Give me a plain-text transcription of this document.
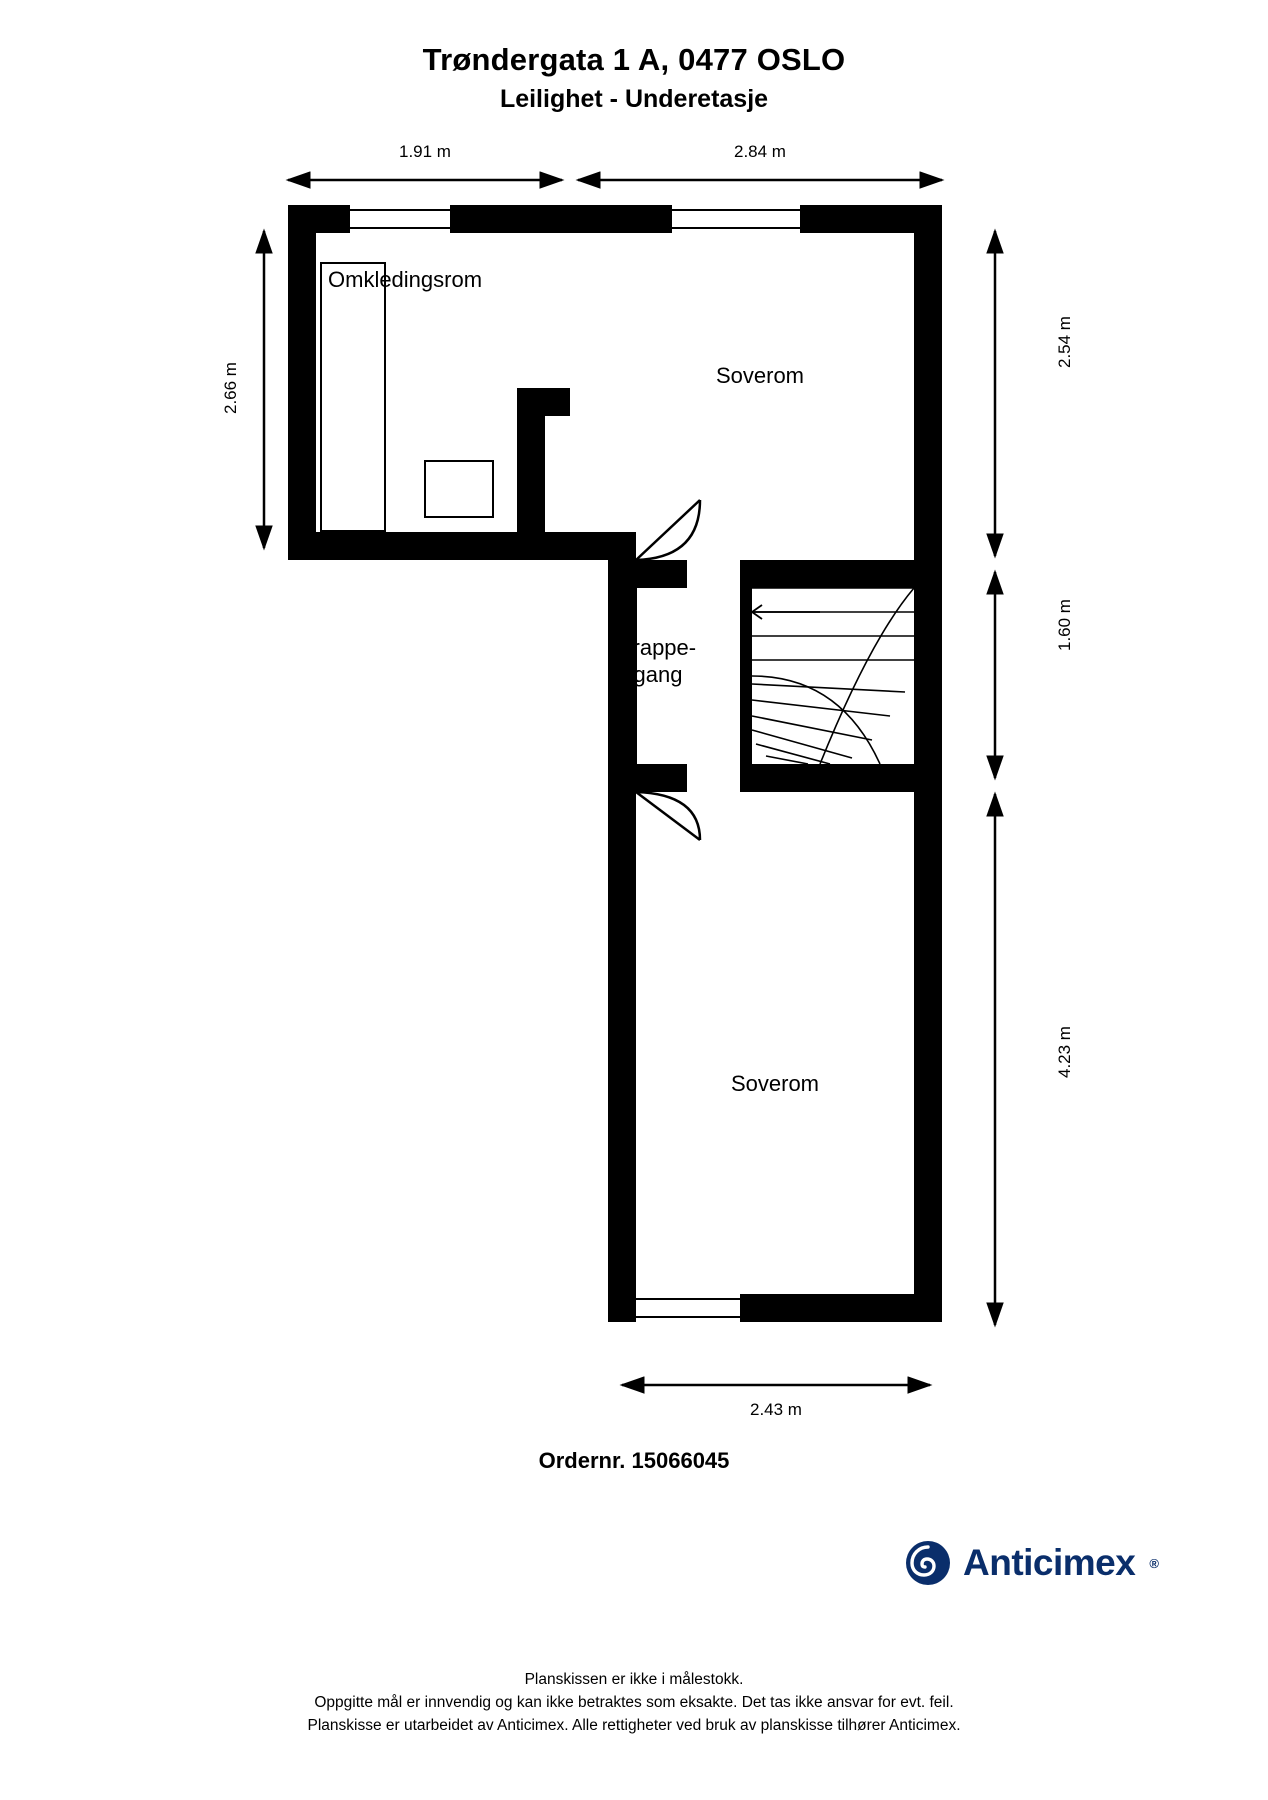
Trøndergata 1 A, 0477 OSLO
Leilighet - Underetasje
Omkledingsrom
Soverom
Trappe-
gang
Soverom
1.91 m	2.84 m
2.66 m
2.54 m
1.60 m
4.23 m
2.43 m
Ordernr. 15066045
Anticimex ®
Planskissen er ikke i målestokk.
Oppgitte mål er innvendig og kan ikke betraktes som eksakte. Det tas ikke ansvar for evt. feil.
Planskisse er utarbeidet av Anticimex. Alle rettigheter ved bruk av planskisse tilhører Anticimex.
